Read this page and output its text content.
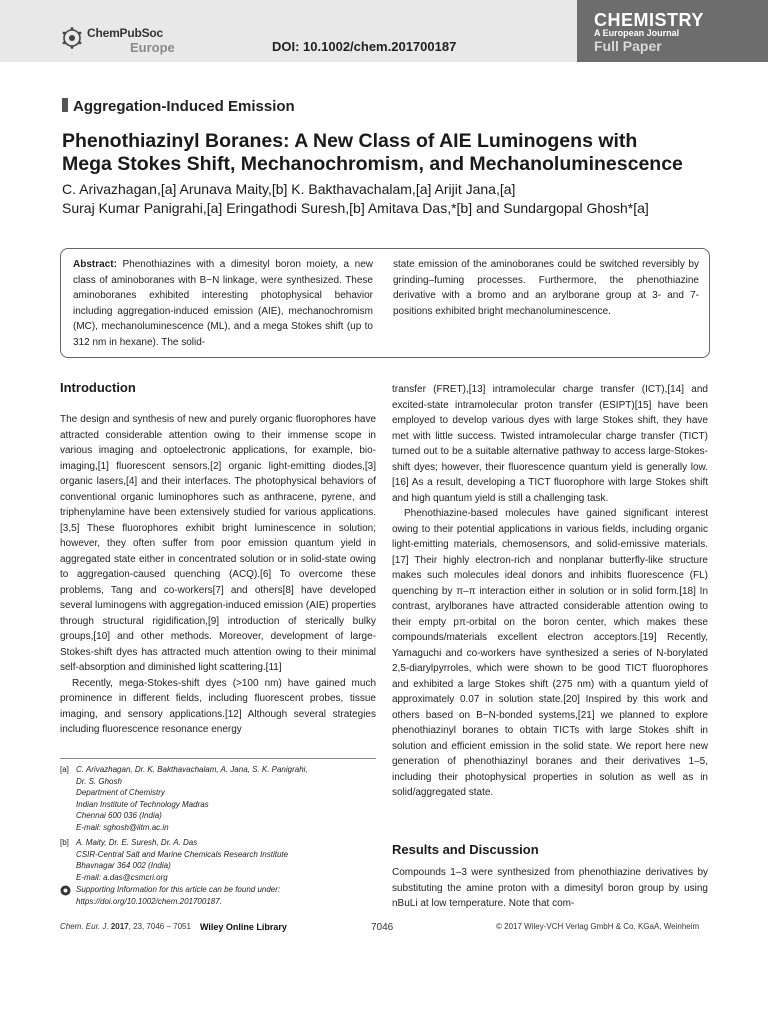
ChemPubSoc
Europe	DOI: 10.1002/chem.201700187
CHEMISTRY
A European Journal
Full Paper
Aggregation-Induced Emission
Phenothiazinyl Boranes: A New Class of AIE Luminogens with
Mega Stokes Shift, Mechanochromism, and Mechanoluminescence
C. Arivazhagan,[a] Arunava Maity,[b] K. Bakthavachalam,[a] Arijit Jana,[a]
Suraj Kumar Panigrahi,[a] Eringathodi Suresh,[b] Amitava Das,*[b] and Sundargopal Ghosh*[a]
Abstract: Phenothiazines with a dimesityl boron moiety, a new class of aminoboranes with B−N linkage, were synthesized. These aminoboranes exhibited interesting photophysical behavior including aggregation-induced emission (AIE), mechanochromism (MC), mechanoluminescence (ML), and a mega Stokes shift (up to 312 nm in hexane). The solid-
state emission of the aminoboranes could be switched reversibly by grinding–fuming processes. Furthermore, the phenothiazine derivative with a bromo and an arylborane group at 3- and 7-positions exhibited bright mechanoluminescence.
Introduction

The design and synthesis of new and purely organic fluorophores have attracted considerable attention owing to their immense scope in various imaging and optoelectronic applications, for example, bio-imaging,[1] fluorescent sensors,[2] organic light-emitting diodes,[3] organic lasers,[4] and their interfaces. The photophysical behaviors of conventional organic luminophores such as anthracene, pyrene, and triphenylamine have been extensively studied for various applications.[3,5] These fluorophores exhibit bright luminescence in solution; however, they often suffer from poor emission quantum yield in aggregated state either in concentrated solution or in solid-state owing to aggregation-caused quenching (ACQ).[6] To overcome these problems, Tang and co-workers[7] and others[8] have developed several luminogens with aggregation-induced emission (AIE) properties through structural rigidification,[9] introduction of sterically bulky groups,[10] and other methods. Moreover, development of large-Stokes-shift dyes has attracted much attention owing to their minimal self-absorption and diminished light scattering.[11]

Recently, mega-Stokes-shift dyes (>100 nm) have gained much prominence in different fields, including fluorescent probes, tissue imaging, and sensory applications.[12] Although several strategies including fluorescence resonance energy

transfer (FRET),[13] intramolecular charge transfer (ICT),[14] and excited-state intramolecular proton transfer (ESIPT)[15] have been employed to develop various dyes with large Stokes shift, they have met with little success. Twisted intramolecular charge transfer (TICT) turned out to be a suitable alternative pathway to access large-Stokes-shift dyes; however, their fluorescence quantum yield is generally low.[16] As a result, developing a TICT fluorophore with large Stokes shift and high quantum yield is still a challenging task.

Phenothiazine-based molecules have gained significant interest owing to their potential applications in various fields, including organic light-emitting materials, chemosensors, and solid-emissive materials.[17] Their highly electron-rich and nonplanar butterfly-like structure makes such molecules ideal donors and inhibits fluorescence (FL) quenching by π–π interaction either in solution or in solid form.[18] In contrast, arylboranes have attracted considerable attention owing to their empty pπ-orbital on the boron center, which makes these compounds/materials excellent electron acceptors.[19] Recently, Yamaguchi and co-workers have synthesized a series of N-borylated 2,5-diarylpyrroles, which were shown to be good TICT fluorophores and exhibited a large Stokes shift (275 nm) with a quantum yield of approximately 0.07 in solution state.[20] Inspired by this work and others based on B−N-bonded systems,[21] we planned to explore phenothiazinyl boranes to obtain TICTs with large Stokes shift in solution and efficient emission in the solid state. We report here new generation of phenothiazinyl boranes and their derivatives 1–5, including their photophysical properties in solution as well as in solid/aggregated state.

Results and Discussion
Compounds 1–3 were synthesized from phenothiazine derivatives by substituting the amine proton with a dimesityl boron group by using nBuLi at low temperature. Note that com-
[a] C. Arivazhagan, Dr. K. Bakthavachalam, A. Jana, S. K. Panigrahi,
Dr. S. Ghosh
Department of Chemistry
Indian Institute of Technology Madras
Chennai 600 036 (India)
E-mail: sghosh@iitm.ac.in
[b] A. Maity, Dr. E. Suresh, Dr. A. Das
CSIR-Central Salt and Marine Chemicals Research Institute
Bhavnagar 364 002 (India)
E-mail: a.das@csmcri.org
Supporting Information for this article can be found under:
https://doi.org/10.1002/chem.201700187.
Chem. Eur. J. 2017, 23, 7046 – 7051 Wiley Online Library	7046	© 2017 Wiley-VCH Verlag GmbH & Co. KGaA, Weinheim
